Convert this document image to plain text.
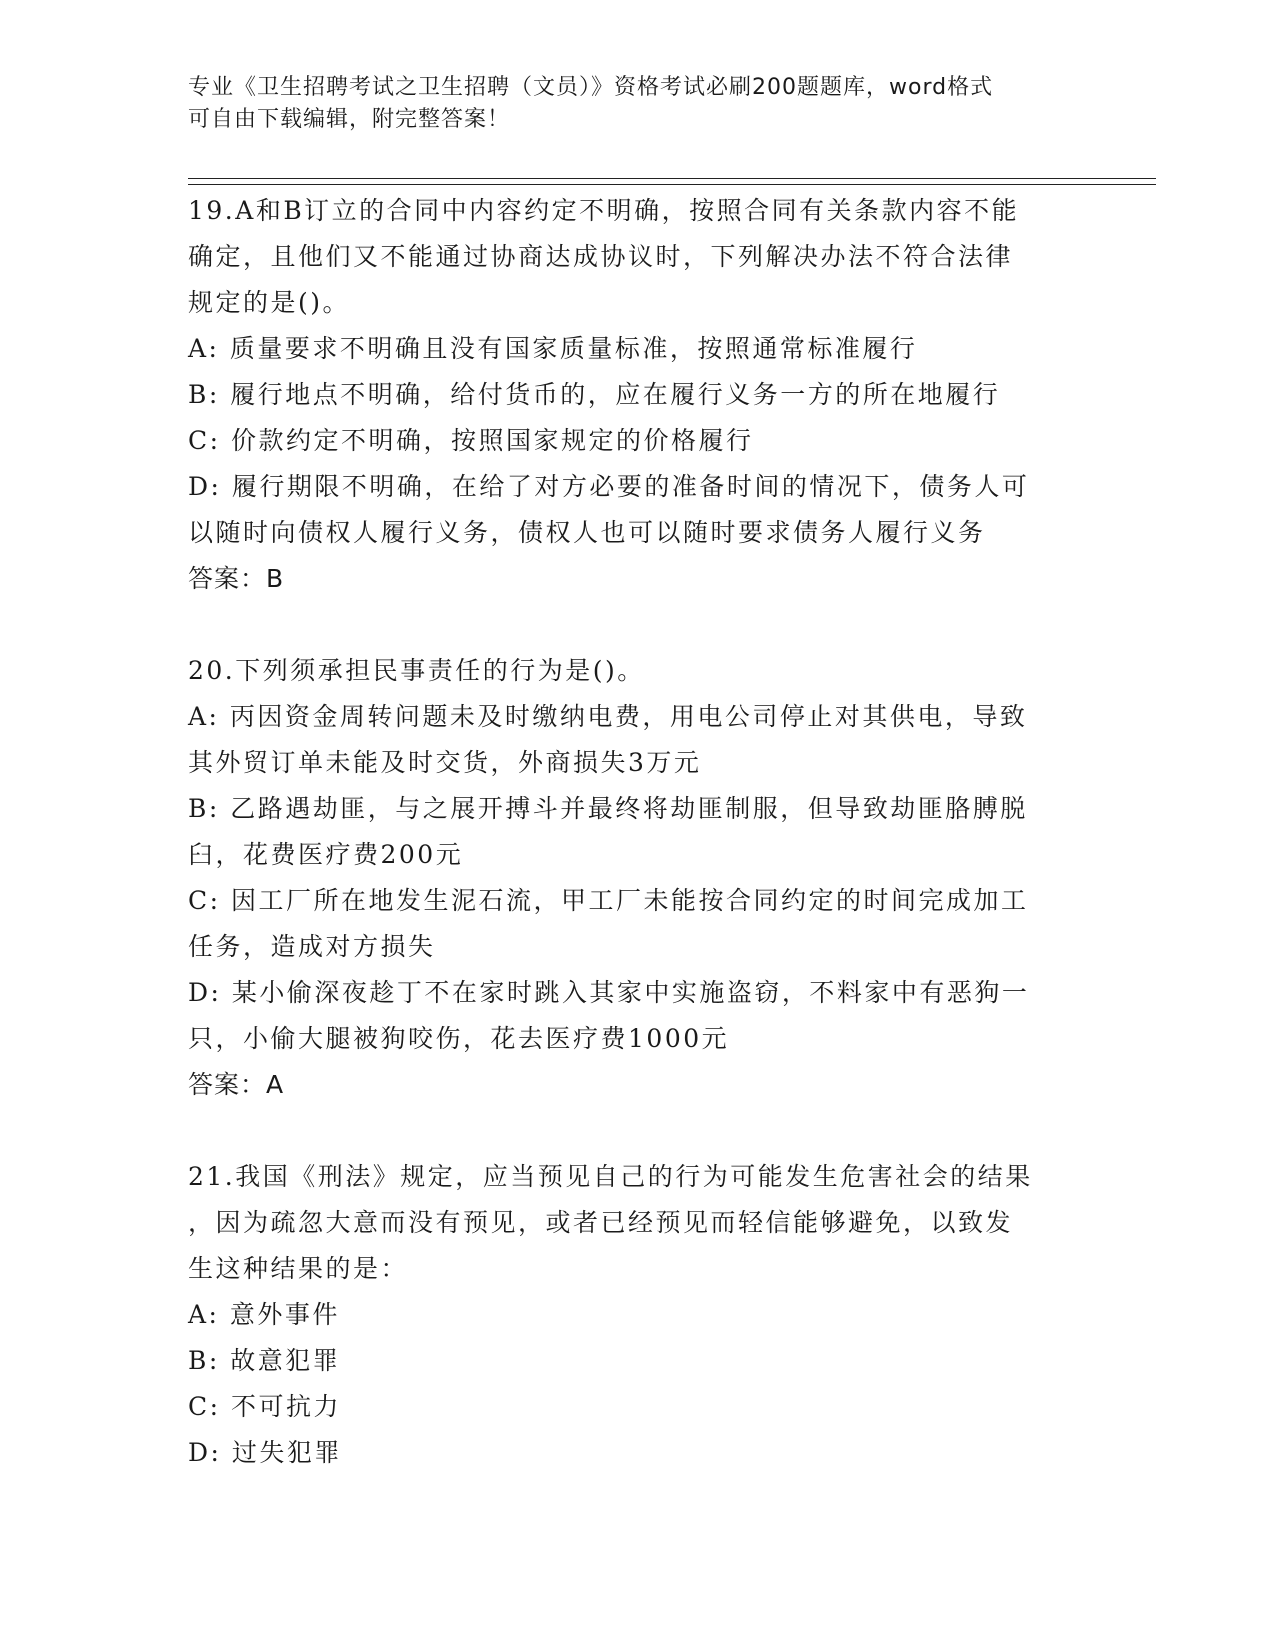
专业《卫生招聘考试之卫生招聘（文员）》资格考试必刷200题题库，word格式
可自由下载编辑，附完整答案！
19.A和B订立的合同中内容约定不明确，按照合同有关条款内容不能
确定，且他们又不能通过协商达成协议时，下列解决办法不符合法律
规定的是()。
A: 质量要求不明确且没有国家质量标准，按照通常标准履行
B: 履行地点不明确，给付货币的，应在履行义务一方的所在地履行
C: 价款约定不明确，按照国家规定的价格履行
D: 履行期限不明确，在给了对方必要的准备时间的情况下，债务人可
以随时向债权人履行义务，债权人也可以随时要求债务人履行义务
答案：B
20.下列须承担民事责任的行为是()。
A: 丙因资金周转问题未及时缴纳电费，用电公司停止对其供电，导致
其外贸订单未能及时交货，外商损失3万元
B: 乙路遇劫匪，与之展开搏斗并最终将劫匪制服，但导致劫匪胳膊脱
臼，花费医疗费200元
C: 因工厂所在地发生泥石流，甲工厂未能按合同约定的时间完成加工
任务，造成对方损失
D: 某小偷深夜趁丁不在家时跳入其家中实施盗窃，不料家中有恶狗一
只，小偷大腿被狗咬伤，花去医疗费1000元
答案：A
21.我国《刑法》规定，应当预见自己的行为可能发生危害社会的结果
，因为疏忽大意而没有预见，或者已经预见而轻信能够避免，以致发
生这种结果的是：
A: 意外事件
B: 故意犯罪
C: 不可抗力
D: 过失犯罪
